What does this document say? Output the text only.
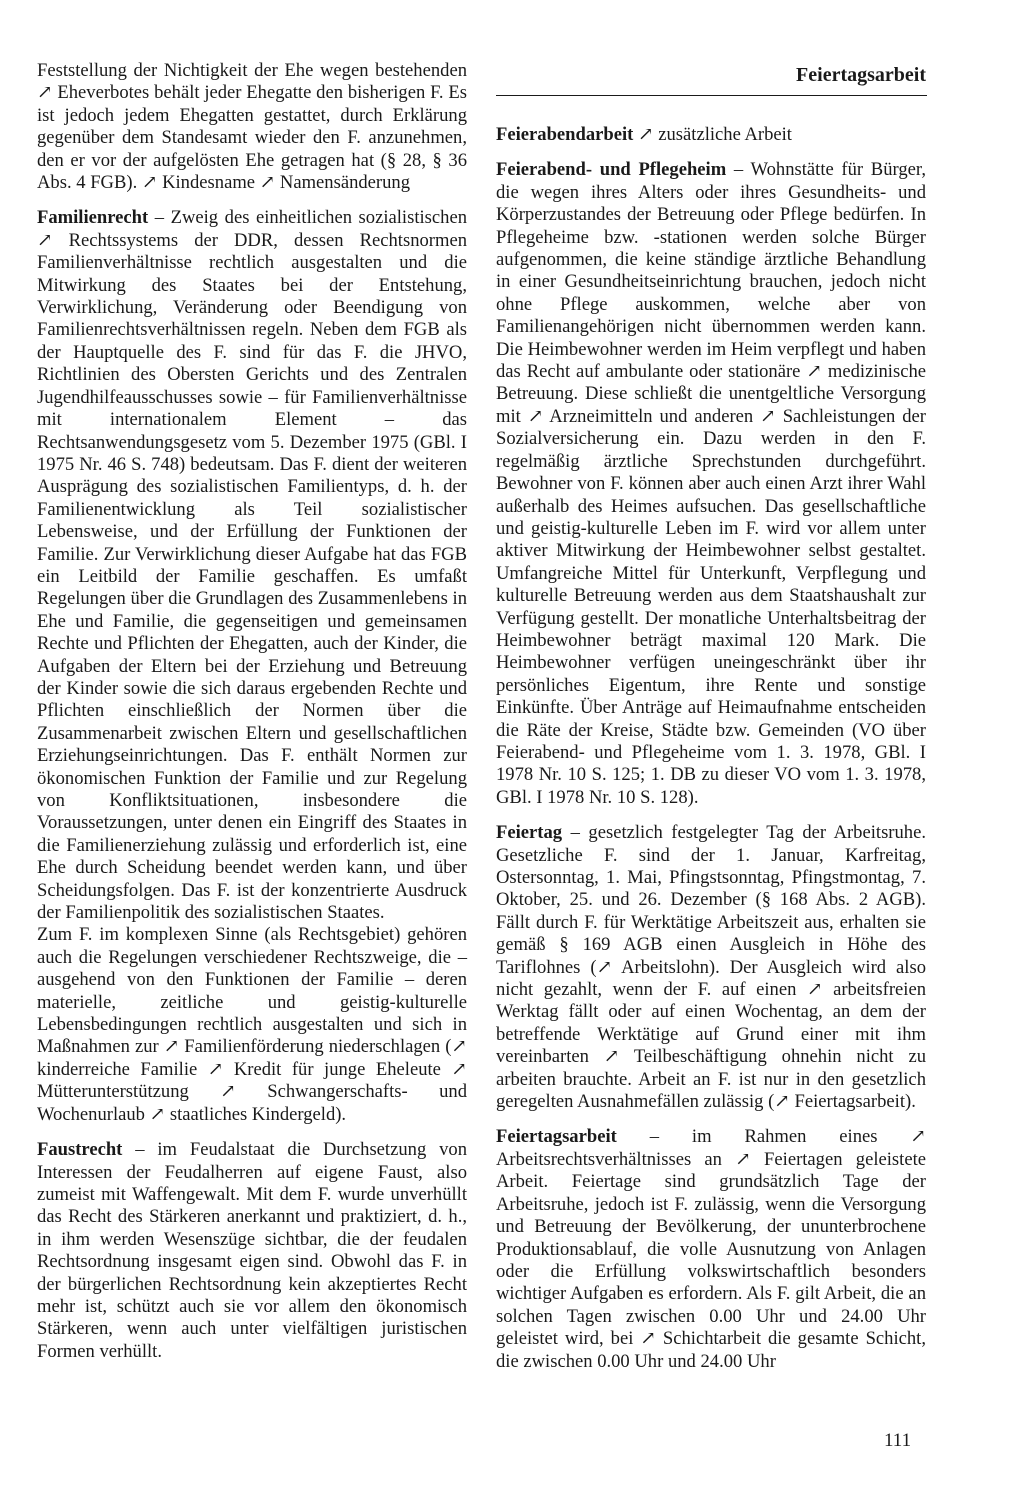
Feiertagsarbeit

Feststellung der Nichtigkeit der Ehe wegen bestehenden ↗ Eheverbotes behält jeder Ehegatte den bisherigen F. Es ist jedoch jedem Ehegatten gestattet, durch Erklärung gegenüber dem Standesamt wieder den F. anzunehmen, den er vor der aufgelösten Ehe getragen hat (§ 28, § 36 Abs. 4 FGB). ↗ Kindesname ↗ Namensänderung

Familienrecht – Zweig des einheitlichen sozialistischen ↗ Rechtssystems der DDR, dessen Rechtsnormen Familienverhältnisse rechtlich ausgestalten und die Mitwirkung des Staates bei der Entstehung, Verwirklichung, Veränderung oder Beendigung von Familienrechtsverhältnissen regeln. Neben dem FGB als der Hauptquelle des F. sind für das F. die JHVO, Richtlinien des Obersten Gerichts und des Zentralen Jugendhilfeausschusses sowie – für Familienverhältnisse mit internationalem Element – das Rechtsanwendungsgesetz vom 5. Dezember 1975 (GBl. I 1975 Nr. 46 S. 748) bedeutsam. Das F. dient der weiteren Ausprägung des sozialistischen Familientyps, d. h. der Familienentwicklung als Teil sozialistischer Lebensweise, und der Erfüllung der Funktionen der Familie. Zur Verwirklichung dieser Aufgabe hat das FGB ein Leitbild der Familie geschaffen. Es umfaßt Regelungen über die Grundlagen des Zusammenlebens in Ehe und Familie, die gegenseitigen und gemeinsamen Rechte und Pflichten der Ehegatten, auch der Kinder, die Aufgaben der Eltern bei der Erziehung und Betreuung der Kinder sowie die sich daraus ergebenden Rechte und Pflichten einschließlich der Normen über die Zusammenarbeit zwischen Eltern und gesellschaftlichen Erziehungseinrichtungen. Das F. enthält Normen zur ökonomischen Funktion der Familie und zur Regelung von Konfliktsituationen, insbesondere die Voraussetzungen, unter denen ein Eingriff des Staates in die Familienerziehung zulässig und erforderlich ist, eine Ehe durch Scheidung beendet werden kann, und über Scheidungsfolgen. Das F. ist der konzentrierte Ausdruck der Familienpolitik des sozialistischen Staates.

Zum F. im komplexen Sinne (als Rechtsgebiet) gehören auch die Regelungen verschiedener Rechtszweige, die – ausgehend von den Funktionen der Familie – deren materielle, zeitliche und geistig-kulturelle Lebensbedingungen rechtlich ausgestalten und sich in Maßnahmen zur ↗ Familienförderung niederschlagen (↗ kinderreiche Familie ↗ Kredit für junge Eheleute ↗ Mütterunterstützung ↗ Schwangerschafts- und Wochenurlaub ↗ staatliches Kindergeld).

Faustrecht – im Feudalstaat die Durchsetzung von Interessen der Feudalherren auf eigene Faust, also zumeist mit Waffengewalt. Mit dem F. wurde unverhüllt das Recht des Stärkeren anerkannt und praktiziert, d. h., in ihm werden Wesenszüge sichtbar, die der feudalen Rechtsordnung insgesamt eigen sind. Obwohl das F. in der bürgerlichen Rechtsordnung kein akzeptiertes Recht mehr ist, schützt auch sie vor allem den ökonomisch Stärkeren, wenn auch unter vielfältigen juristischen Formen verhüllt.

Feierabendarbeit ↗ zusätzliche Arbeit

Feierabend- und Pflegeheim – Wohnstätte für Bürger, die wegen ihres Alters oder ihres Gesundheits- und Körperzustandes der Betreuung oder Pflege bedürfen. In Pflegeheime bzw. -stationen werden solche Bürger aufgenommen, die keine ständige ärztliche Behandlung in einer Gesundheitseinrichtung brauchen, jedoch nicht ohne Pflege auskommen, welche aber von Familienangehörigen nicht übernommen werden kann. Die Heimbewohner werden im Heim verpflegt und haben das Recht auf ambulante oder stationäre ↗ medizinische Betreuung. Diese schließt die unentgeltliche Versorgung mit ↗ Arzneimitteln und anderen ↗ Sachleistungen der Sozialversicherung ein. Dazu werden in den F. regelmäßig ärztliche Sprechstunden durchgeführt. Bewohner von F. können aber auch einen Arzt ihrer Wahl außerhalb des Heimes aufsuchen. Das gesellschaftliche und geistig-kulturelle Leben im F. wird vor allem unter aktiver Mitwirkung der Heimbewohner selbst gestaltet. Umfangreiche Mittel für Unterkunft, Verpflegung und kulturelle Betreuung werden aus dem Staatshaushalt zur Verfügung gestellt. Der monatliche Unterhaltsbeitrag der Heimbewohner beträgt maximal 120 Mark. Die Heimbewohner verfügen uneingeschränkt über ihr persönliches Eigentum, ihre Rente und sonstige Einkünfte. Über Anträge auf Heimaufnahme entscheiden die Räte der Kreise, Städte bzw. Gemeinden (VO über Feierabend- und Pflegeheime vom 1. 3. 1978, GBl. I 1978 Nr. 10 S. 125; 1. DB zu dieser VO vom 1. 3. 1978, GBl. I 1978 Nr. 10 S. 128).

Feiertag – gesetzlich festgelegter Tag der Arbeitsruhe. Gesetzliche F. sind der 1. Januar, Karfreitag, Ostersonntag, 1. Mai, Pfingstsonntag, Pfingstmontag, 7. Oktober, 25. und 26. Dezember (§ 168 Abs. 2 AGB). Fällt durch F. für Werktätige Arbeitszeit aus, erhalten sie gemäß § 169 AGB einen Ausgleich in Höhe des Tariflohnes (↗ Arbeitslohn). Der Ausgleich wird also nicht gezahlt, wenn der F. auf einen ↗ arbeitsfreien Werktag fällt oder auf einen Wochentag, an dem der betreffende Werktätige auf Grund einer mit ihm vereinbarten ↗ Teilbeschäftigung ohnehin nicht zu arbeiten brauchte. Arbeit an F. ist nur in den gesetzlich geregelten Ausnahmefällen zulässig (↗ Feiertagsarbeit).

Feiertagsarbeit – im Rahmen eines ↗ Arbeitsrechtsverhältnisses an ↗ Feiertagen geleistete Arbeit. Feiertage sind grundsätzlich Tage der Arbeitsruhe, jedoch ist F. zulässig, wenn die Versorgung und Betreuung der Bevölkerung, der ununterbrochene Produktionsablauf, die volle Ausnutzung von Anlagen oder die Erfüllung volkswirtschaftlich besonders wichtiger Aufgaben es erfordern. Als F. gilt Arbeit, die an solchen Tagen zwischen 0.00 Uhr und 24.00 Uhr geleistet wird, bei ↗ Schichtarbeit die gesamte Schicht, die zwischen 0.00 Uhr und 24.00 Uhr

111
